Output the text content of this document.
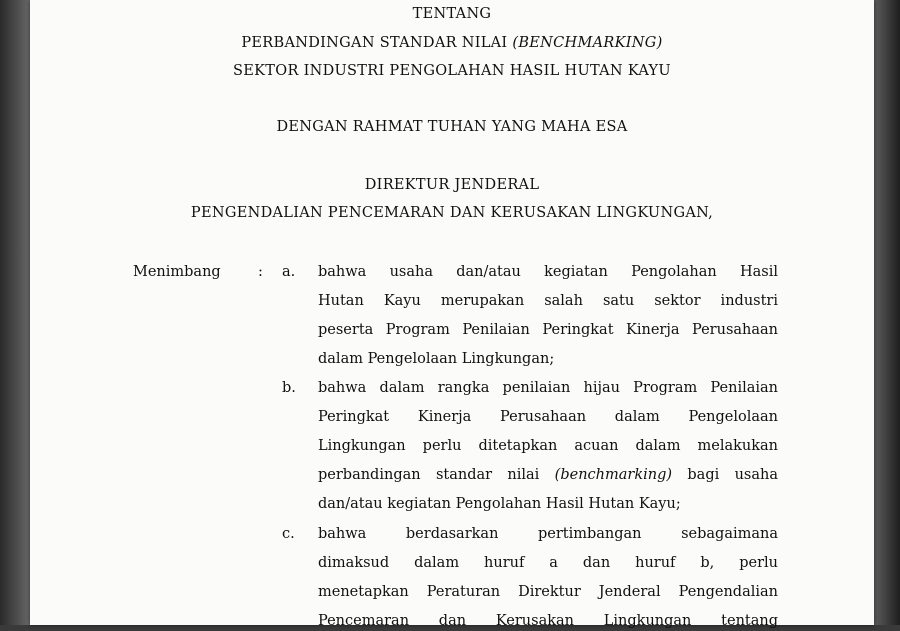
TENTANG
PERBANDINGAN STANDAR NILAI (BENCHMARKING)
SEKTOR INDUSTRI PENGOLAHAN HASIL HUTAN KAYU
DENGAN RAHMAT TUHAN YANG MAHA ESA
DIREKTUR JENDERAL
PENGENDALIAN PENCEMARAN DAN KERUSAKAN LINGKUNGAN,
Menimbang	: a. bahwa usaha dan/atau kegiatan Pengolahan Hasil
Hutan Kayu merupakan salah satu sektor industri
peserta Program Penilaian Peringkat Kinerja Perusahaan
dalam Pengelolaan Lingkungan;
b. bahwa dalam rangka penilaian hijau Program Penilaian
Peringkat Kinerja Perusahaan dalam Pengelolaan
Lingkungan perlu ditetapkan acuan dalam melakukan
perbandingan standar nilai (benchmarking) bagi usaha
dan/atau kegiatan Pengolahan Hasil Hutan Kayu;
c. bahwa berdasarkan pertimbangan sebagaimana
dimaksud dalam huruf a dan huruf b, perlu
menetapkan Peraturan Direktur Jenderal Pengendalian
Pencemaran dan Kerusakan Lingkungan tentang
